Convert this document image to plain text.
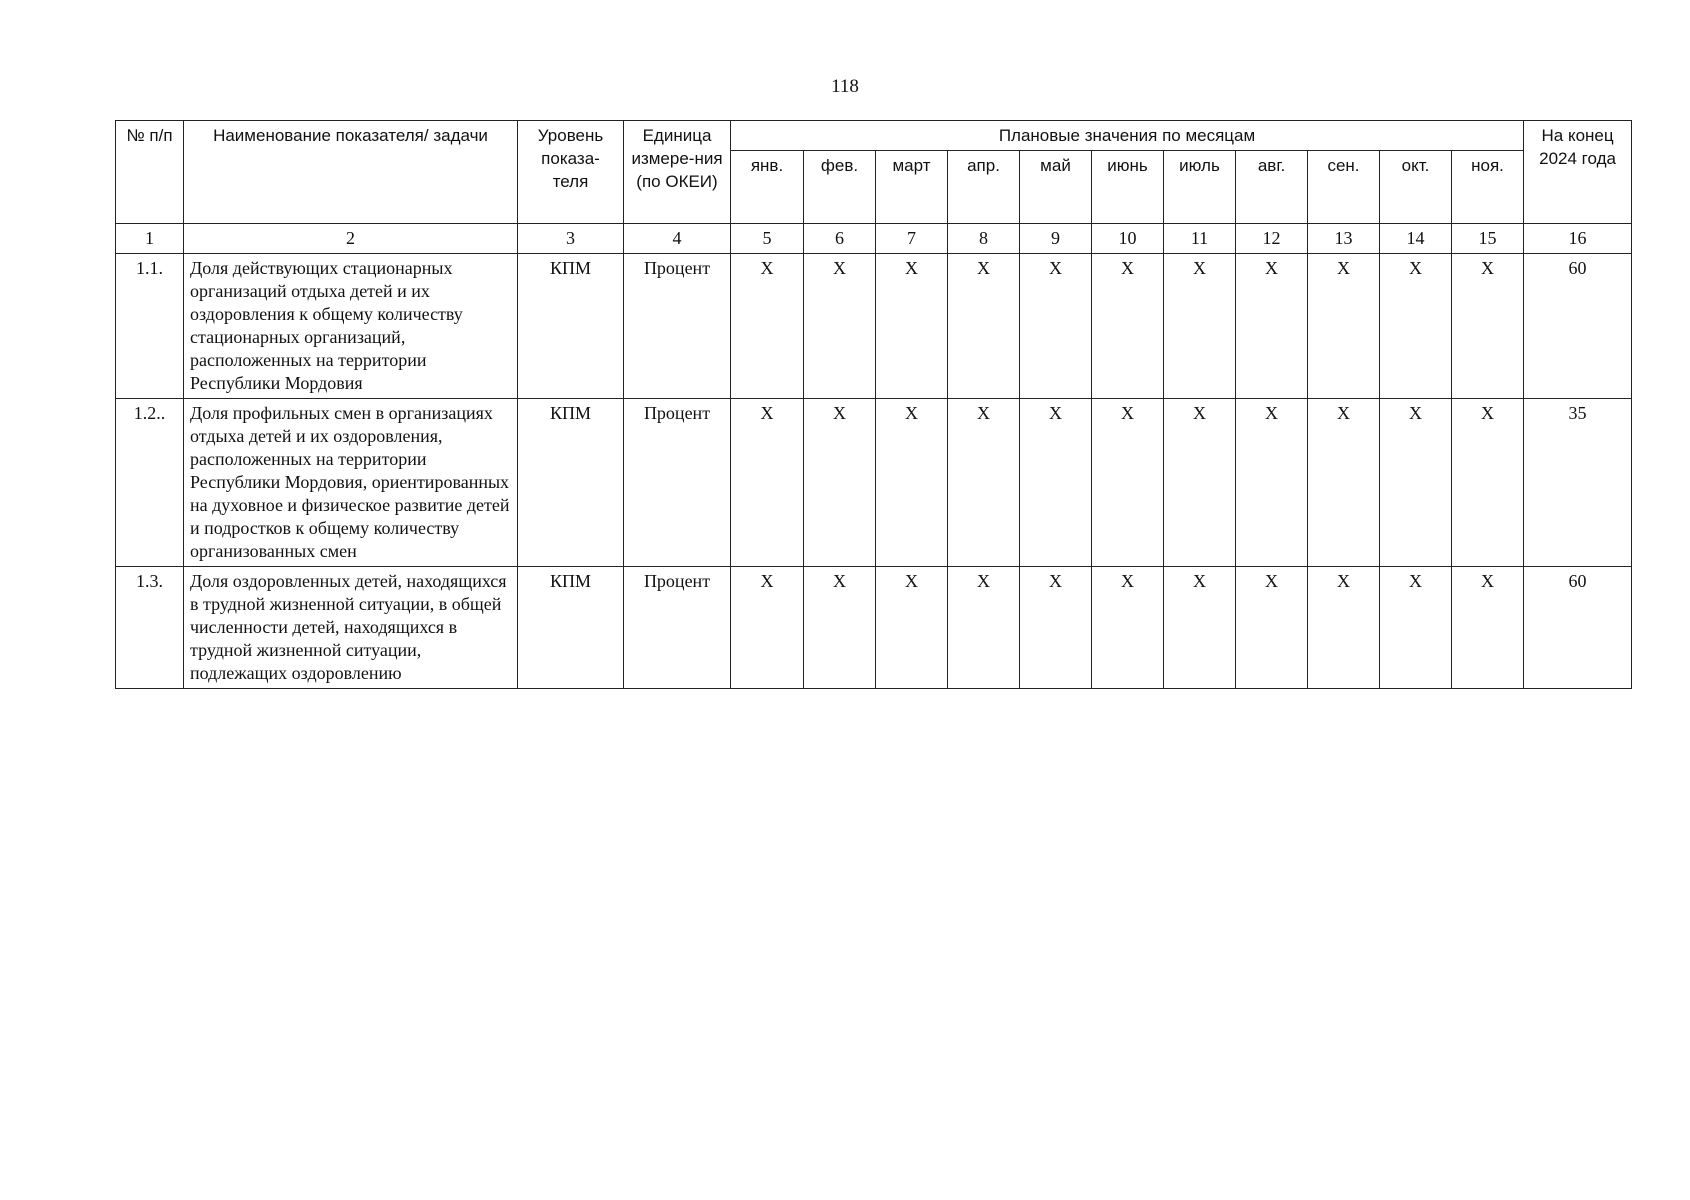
118
№ п/п	Наименование показателя/ задачи	Уровень показа-теля	Единица измере-ния (по ОКЕИ)	Плановые значения по месяцам											На конец 2024 года
				янв.	фев.	март	апр.	май	июнь	июль	авг.	сен.	окт.	ноя.	
1	2	3	4	5	6	7	8	9	10	11	12	13	14	15	16
1.1.	Доля действующих стационарных организаций отдыха детей и их оздоровления к общему количеству стационарных организаций, расположенных на территории Республики Мордовия	КПМ	Процент	Х	Х	Х	Х	Х	Х	Х	Х	Х	Х	Х	60
1.2..	Доля профильных смен в организациях отдыха детей и их оздоровления, расположенных на территории Республики Мордовия, ориентированных на духовное и физическое развитие детей и подростков к общему количеству организованных смен	КПМ	Процент	Х	Х	Х	Х	Х	Х	Х	Х	Х	Х	Х	35
1.3.	Доля оздоровленных детей, находящихся в трудной жизненной ситуации, в общей численности детей, находящихся в трудной жизненной ситуации, подлежащих оздоровлению	КПМ	Процент	Х	Х	Х	Х	Х	Х	Х	Х	Х	Х	Х	60
